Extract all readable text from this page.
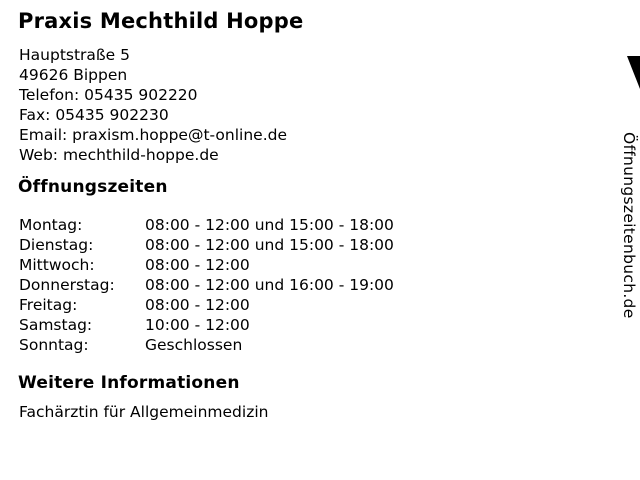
Praxis Mechthild Hoppe
Hauptstraße 5
49626 Bippen
Telefon: 05435 902220
Fax: 05435 902230
Email: praxism.hoppe@t-online.de
Web: mechthild-hoppe.de
Öffnungszeiten
Montag:	08:00 - 12:00 und 15:00 - 18:00
Dienstag:	08:00 - 12:00 und 15:00 - 18:00
Mittwoch:	08:00 - 12:00
Donnerstag:	08:00 - 12:00 und 16:00 - 19:00
Freitag:	08:00 - 12:00
Samstag:	10:00 - 12:00
Sonntag:	Geschlossen
Weitere Informationen
Fachärztin für Allgemeinmedizin
Öffnungszeitenbuch.de
